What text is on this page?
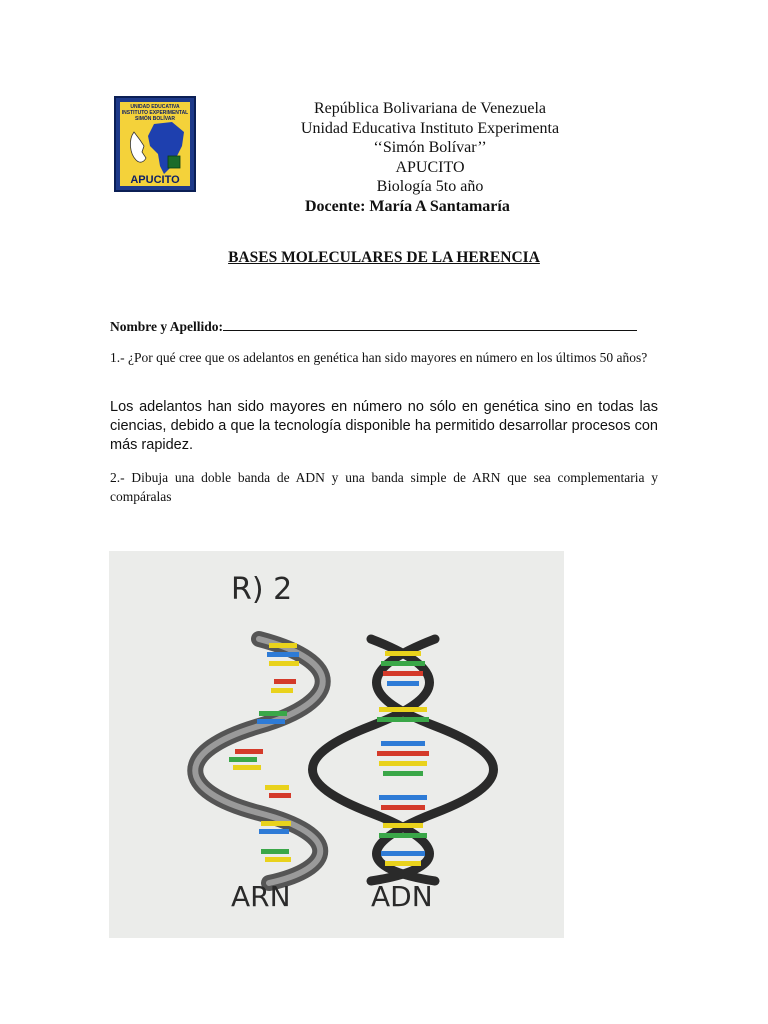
UNIDAD EDUCATIVA
INSTITUTO EXPERIMENTAL
SIMÓN BOLÍVAR
APUCITO
República Bolivariana de Venezuela
Unidad Educativa Instituto Experimenta
‘‘Simón Bolívar’’
APUCITO
Biología 5to año
Docente: María A Santamaría
BASES MOLECULARES DE LA HERENCIA
Nombre y Apellido:
1.- ¿Por qué cree que os adelantos en genética han sido mayores en número en los últimos 50 años?
Los adelantos han sido mayores en número no sólo en genética sino en todas las ciencias, debido a que la tecnología disponible ha permitido desarrollar procesos con más rapidez.
2.- Dibuja una doble banda de ADN y una banda simple de ARN que sea complementaria y compáralas
R) 2
ARN	ADN
